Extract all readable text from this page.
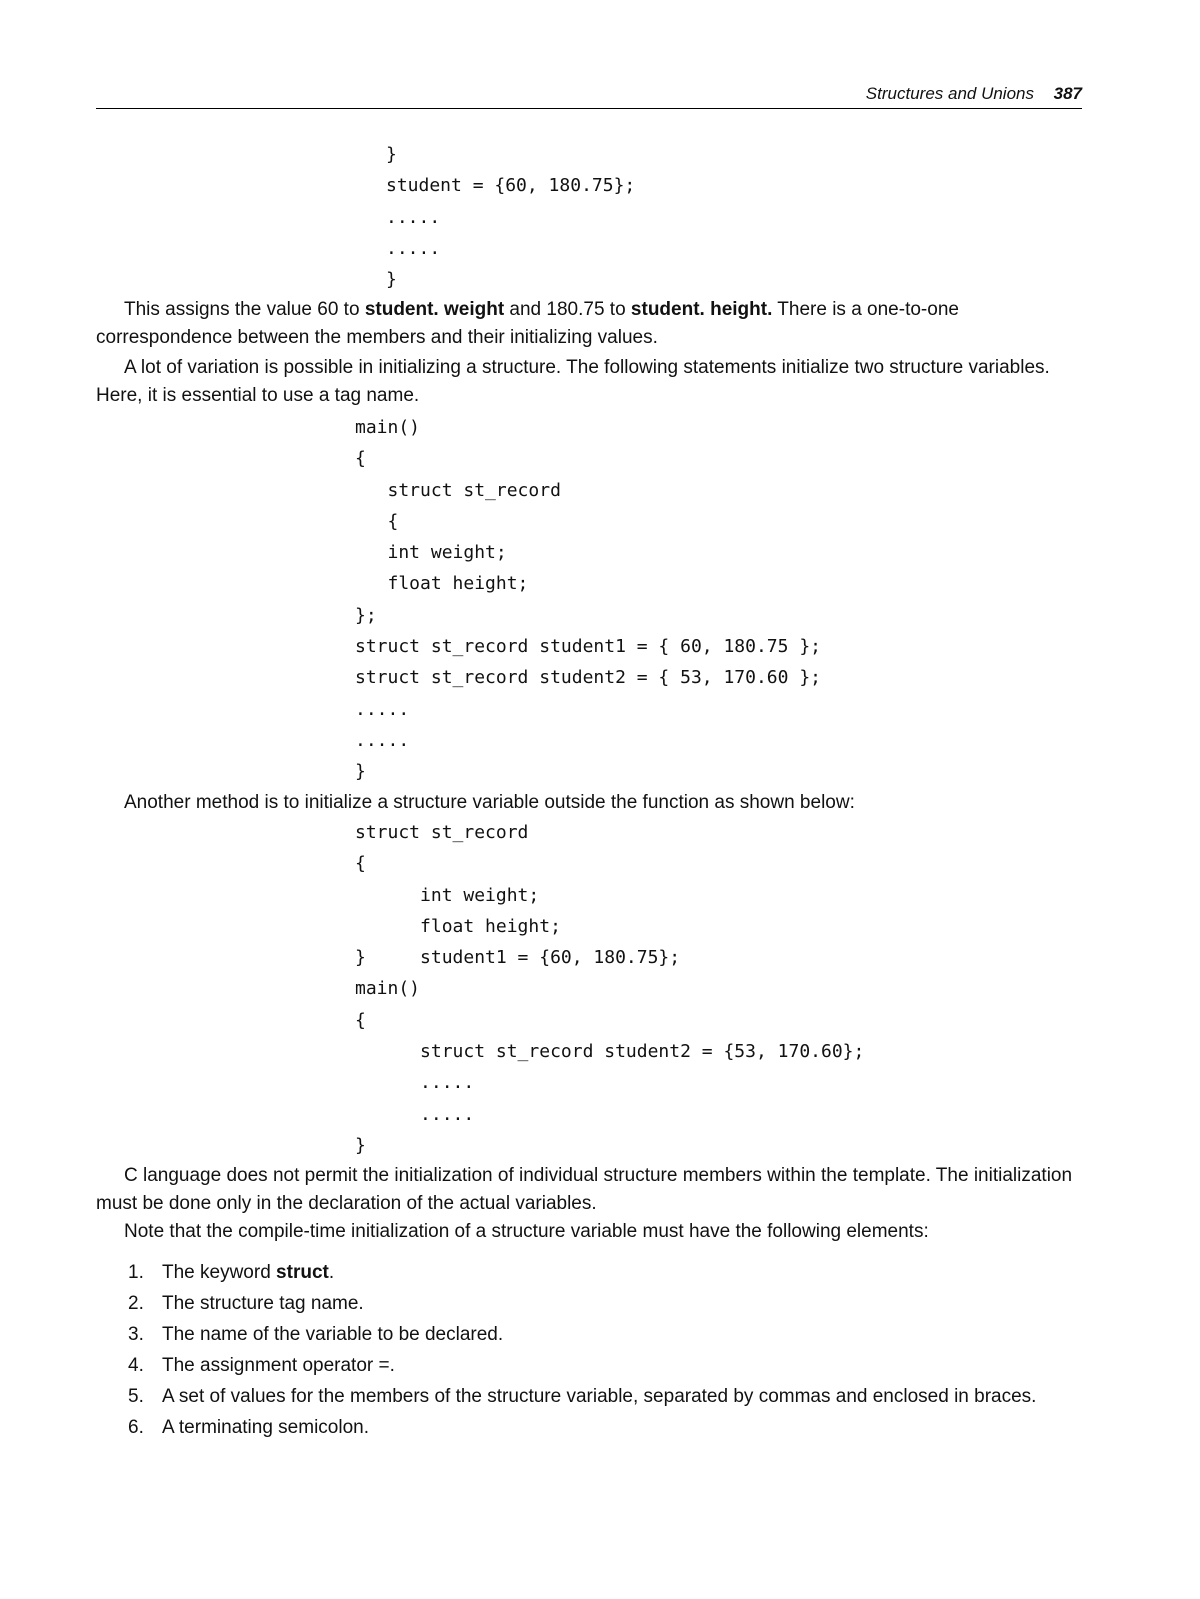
Structures and Unions 387
}
student = {60, 180.75};
.....
.....
}

This assigns the value 60 to student. weight and 180.75 to student. height. There is a one-to-one correspondence between the members and their initializing values.

A lot of variation is possible in initializing a structure. The following statements initialize two structure variables. Here, it is essential to use a tag name.

main()
{
struct st_record
{
int weight;
float height;
};
struct st_record student1 = { 60, 180.75 };
struct st_record student2 = { 53, 170.60 };
.....
.....
}

Another method is to initialize a structure variable outside the function as shown below:

struct st_record
{
int weight;
float height;
}     student1 = {60, 180.75};
main()
{
struct st_record student2 = {53, 170.60};
.....
.....
}

C language does not permit the initialization of individual structure members within the template. The initialization must be done only in the declaration of the actual variables.

Note that the compile-time initialization of a structure variable must have the following elements:

1. The keyword struct.
2. The structure tag name.
3. The name of the variable to be declared.
4. The assignment operator =.
5. A set of values for the members of the structure variable, separated by commas and enclosed in braces.
6. A terminating semicolon.
